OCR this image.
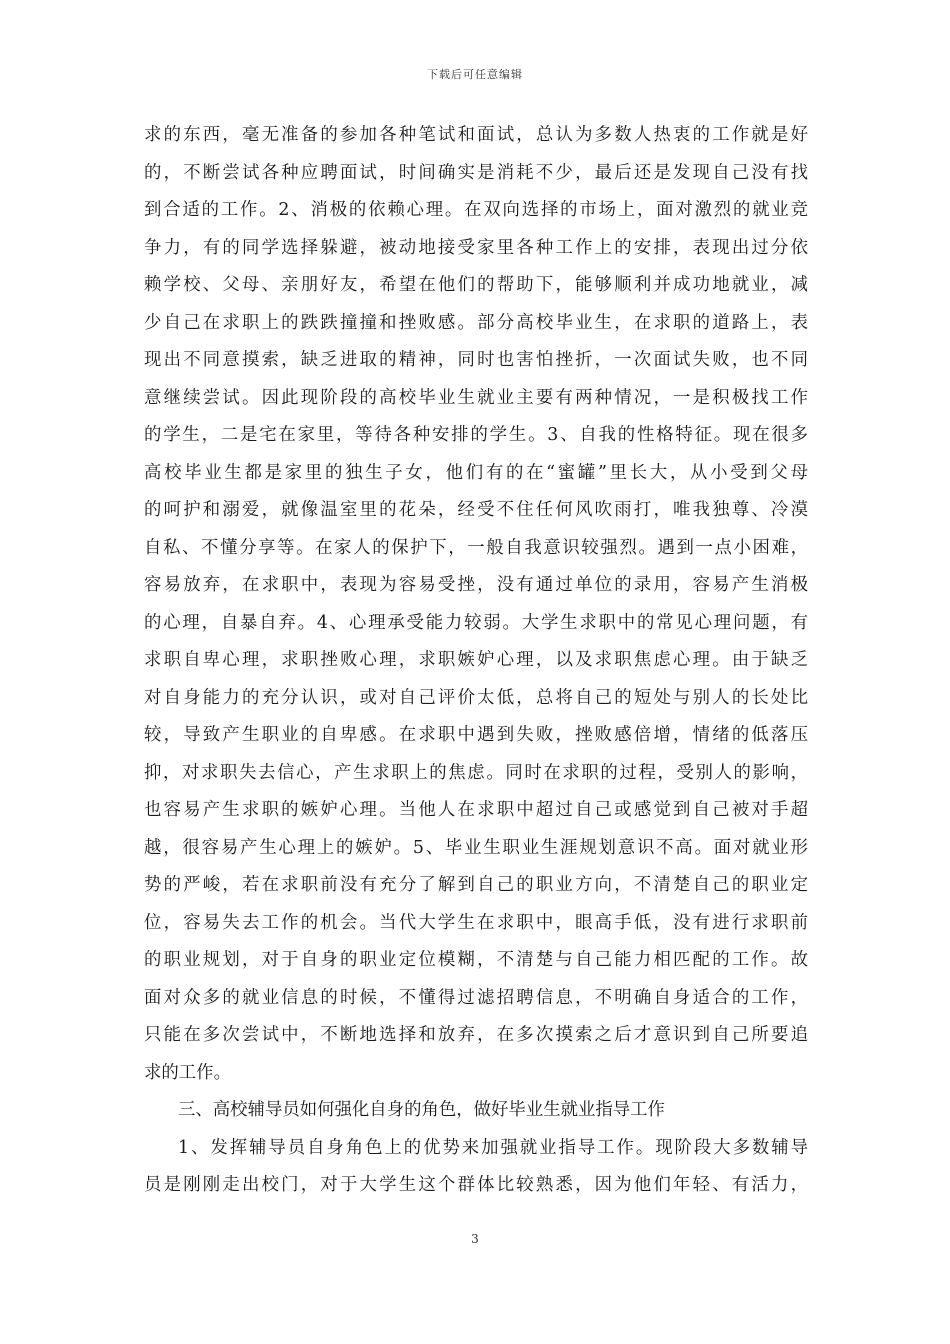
下载后可任意编辑
求的东西，毫无准备的参加各种笔试和面试，总认为多数人热衷的工作就是好
的，不断尝试各种应聘面试，时间确实是消耗不少，最后还是发现自己没有找
到合适的工作。2、消极的依赖心理。在双向选择的市场上，面对激烈的就业竞
争力，有的同学选择躲避，被动地接受家里各种工作上的安排，表现出过分依
赖学校、父母、亲朋好友，希望在他们的帮助下，能够顺利并成功地就业，减
少自己在求职上的跌跌撞撞和挫败感。部分高校毕业生，在求职的道路上，表
现出不同意摸索，缺乏进取的精神，同时也害怕挫折，一次面试失败，也不同
意继续尝试。因此现阶段的高校毕业生就业主要有两种情况，一是积极找工作
的学生，二是宅在家里，等待各种安排的学生。3、自我的性格特征。现在很多
高校毕业生都是家里的独生子女，他们有的在“蜜罐”里长大，从小受到父母
的呵护和溺爱，就像温室里的花朵，经受不住任何风吹雨打，唯我独尊、冷漠
自私、不懂分享等。在家人的保护下，一般自我意识较强烈。遇到一点小困难，
容易放弃，在求职中，表现为容易受挫，没有通过单位的录用，容易产生消极
的心理，自暴自弃。4、心理承受能力较弱。大学生求职中的常见心理问题，有
求职自卑心理，求职挫败心理，求职嫉妒心理，以及求职焦虑心理。由于缺乏
对自身能力的充分认识，或对自己评价太低，总将自己的短处与别人的长处比
较，导致产生职业的自卑感。在求职中遇到失败，挫败感倍增，情绪的低落压
抑，对求职失去信心，产生求职上的焦虑。同时在求职的过程，受别人的影响，
也容易产生求职的嫉妒心理。当他人在求职中超过自己或感觉到自己被对手超
越，很容易产生心理上的嫉妒。5、毕业生职业生涯规划意识不高。面对就业形
势的严峻，若在求职前没有充分了解到自己的职业方向，不清楚自己的职业定
位，容易失去工作的机会。当代大学生在求职中，眼高手低，没有进行求职前
的职业规划，对于自身的职业定位模糊，不清楚与自己能力相匹配的工作。故
面对众多的就业信息的时候，不懂得过滤招聘信息，不明确自身适合的工作，
只能在多次尝试中，不断地选择和放弃，在多次摸索之后才意识到自己所要追
求的工作。
三、高校辅导员如何强化自身的角色，做好毕业生就业指导工作
1、发挥辅导员自身角色上的优势来加强就业指导工作。现阶段大多数辅导
员是刚刚走出校门，对于大学生这个群体比较熟悉，因为他们年轻、有活力，
3
